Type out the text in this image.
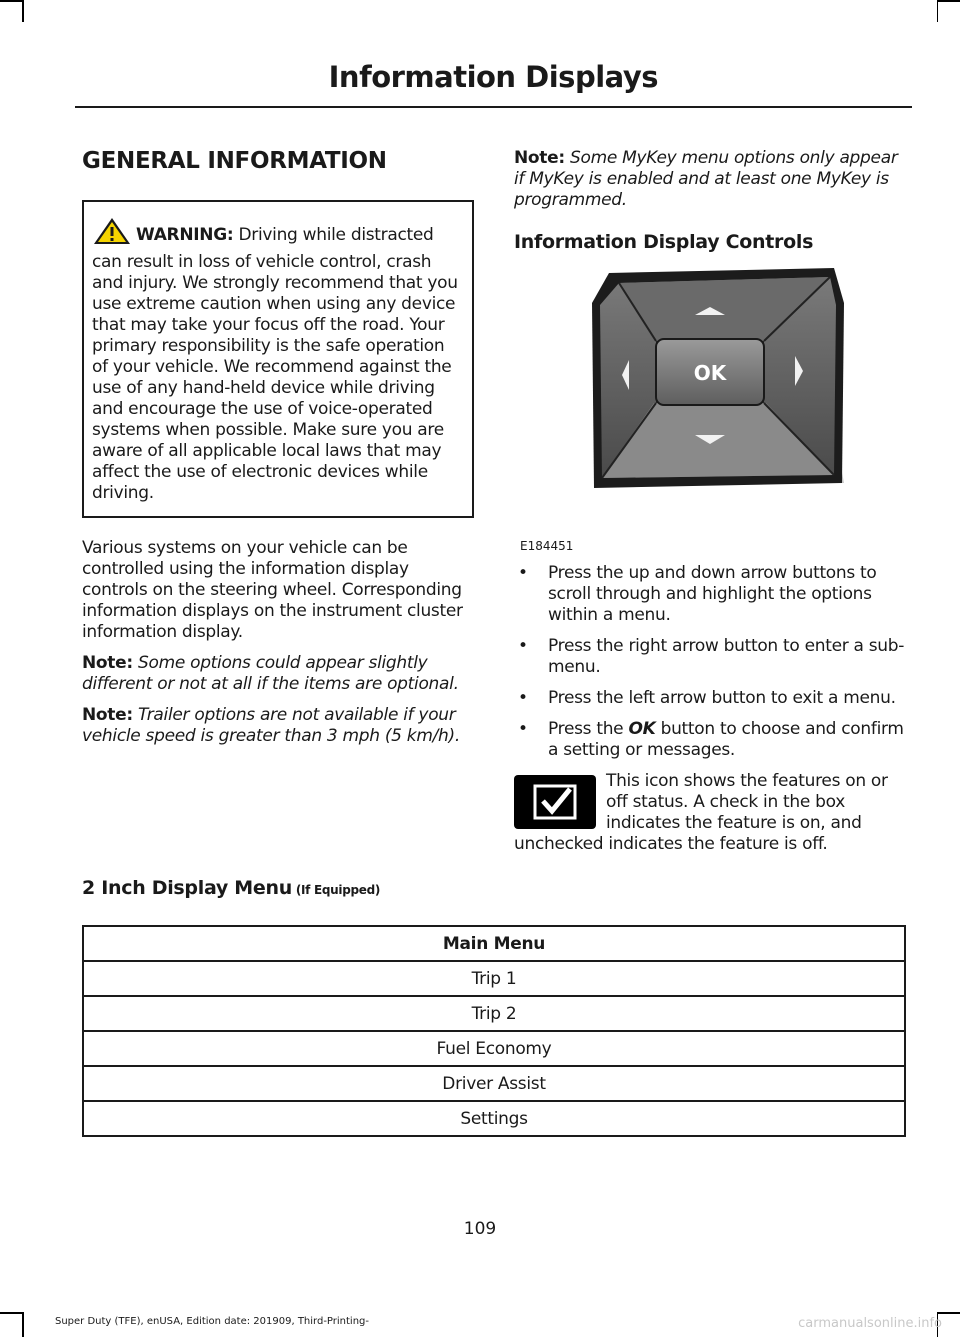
Information Displays
GENERAL INFORMATION

WARNING: Driving while distracted can result in loss of vehicle control, crash and injury. We strongly recommend that you use extreme caution when using any device that may take your focus off the road. Your primary responsibility is the safe operation of your vehicle. We recommend against the use of any hand-held device while driving and encourage the use of voice-operated systems when possible. Make sure you are aware of all applicable local laws that may affect the use of electronic devices while driving.

Various systems on your vehicle can be controlled using the information display controls on the steering wheel. Corresponding information displays on the instrument cluster information display.

Note: Some options could appear slightly different or not at all if the items are optional.

Note: Trailer options are not available if your vehicle speed is greater than 3 mph (5 km/h).

Note: Some MyKey menu options only appear if MyKey is enabled and at least one MyKey is programmed.

Information Display Controls
OK
E184451
• Press the up and down arrow buttons to scroll through and highlight the options within a menu.
• Press the right arrow button to enter a sub-menu.
• Press the left arrow button to exit a menu.
• Press the OK button to choose and confirm a setting or messages.
This icon shows the features on or off status. A check in the box indicates the feature is on, and unchecked indicates the feature is off.
2 Inch Display Menu (If Equipped)
Main Menu
Trip 1
Trip 2
Fuel Economy
Driver Assist
Settings
109
Super Duty (TFE), enUSA, Edition date: 201909, Third-Printing-	carmanualsonline.info
